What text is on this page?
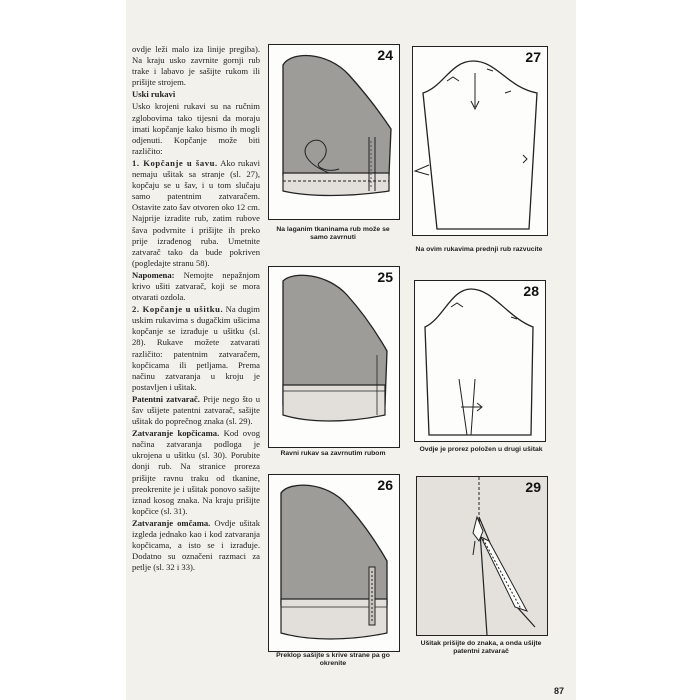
ovdje leži malo iza linije pregiba). Na kraju usko zavrnite gornji rub trake i labavo je sašijte rukom ili prišijte strojem.

Uski rukavi

Usko krojeni rukavi su na ručnim zglobovima tako tijesni da moraju imati kopčanje kako bismo ih mogli odjenuti. Kopčanje može biti različito:

1. Kopčanje u šavu. Ako rukavi nemaju ušitak sa stranje (sl. 27), kopčaju se u šav, i u tom slučaju samo patentnim zatvaračem. Ostavite zato šav otvoren oko 12 cm. Najprije izradite rub, zatim rubove šava podvrnite i prišijte ih preko prije izrađenog ruba. Umetnite zatvarač tako da bude pokriven (pogledajte stranu 58).

Napomena: Nemojte nepažnjom krivo ušiti zatvarač, koji se mora otvarati ozdola.

2. Kopčanje u ušitku. Na dugim uskim rukavima s dugačkim ušicima kopčanje se izrađuje u ušitku (sl. 28). Rukave možete zatvarati različito: patentnim zatvaračem, kopčicama ili petljama. Prema načinu zatvaranja u kroju je postavljen i ušitak.

Patentni zatvarač. Prije nego što u šav ušijete patentni zatvarač, sašijte ušitak do poprečnog znaka (sl. 29).

Zatvaranje kopčicama. Kod ovog načina zatvaranja podloga je ukrojena u ušitku (sl. 30). Porubite donji rub. Na stranice proreza prišijte ravnu traku od tkanine, preokrenite je i ušitak ponovo sašijte iznad kosog znaka. Na kraju prišijte kopčice (sl. 31).

Zatvaranje omčama. Ovdje ušitak izgleda jednako kao i kod zatvaranja kopčicama, a isto se i izrađuje. Dodatno su označeni razmaci za petlje (sl. 32 i 33).

24
Na laganim tkaninama rub može se samo zavrnuti
27
Na ovim rukavima prednji rub razvucite
25
Ravni rukav sa zavrnutim rubom
28
Ovdje je prorez položen u drugi ušitak
26
Preklop sašijte s krive strane pa go okrenite
29
Ušitak prišijte do znaka, a onda ušijte patentni zatvarač
87
